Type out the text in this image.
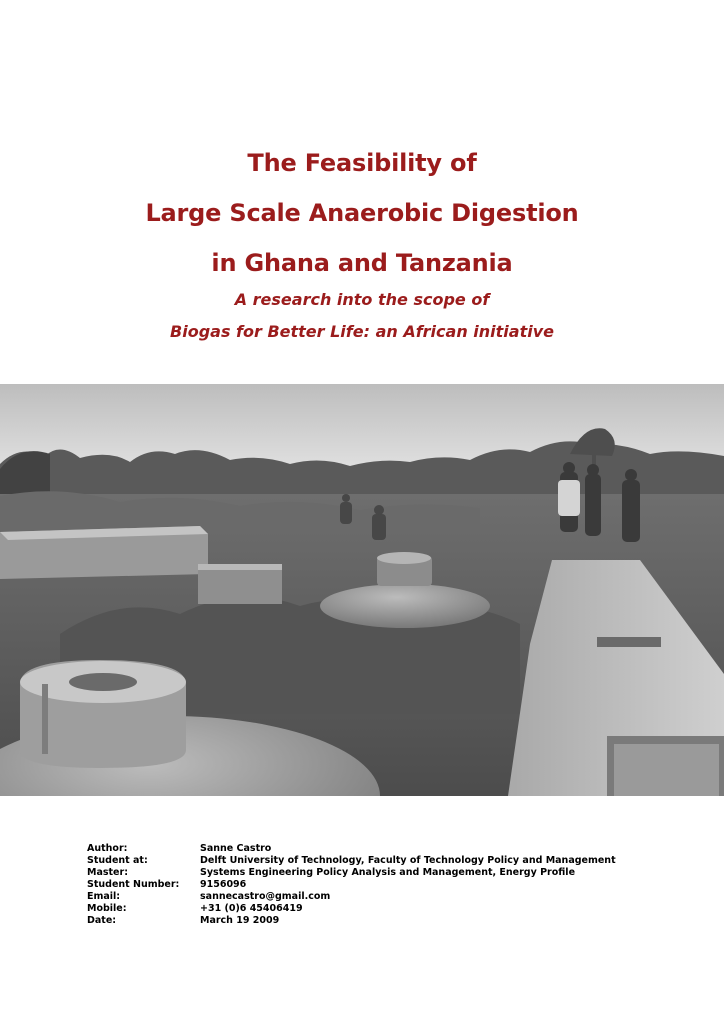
The Feasibility of
Large Scale Anaerobic Digestion
in Ghana and Tanzania
A research into the scope of
Biogas for Better Life: an African initiative
Author:	Sanne Castro
Student at:	Delft University of Technology, Faculty of Technology Policy and Management
Master:	Systems Engineering Policy Analysis and Management, Energy Profile
Student Number:	9156096
Email:	sannecastro@gmail.com
Mobile:	+31 (0)6 45406419
Date:	March 19 2009
